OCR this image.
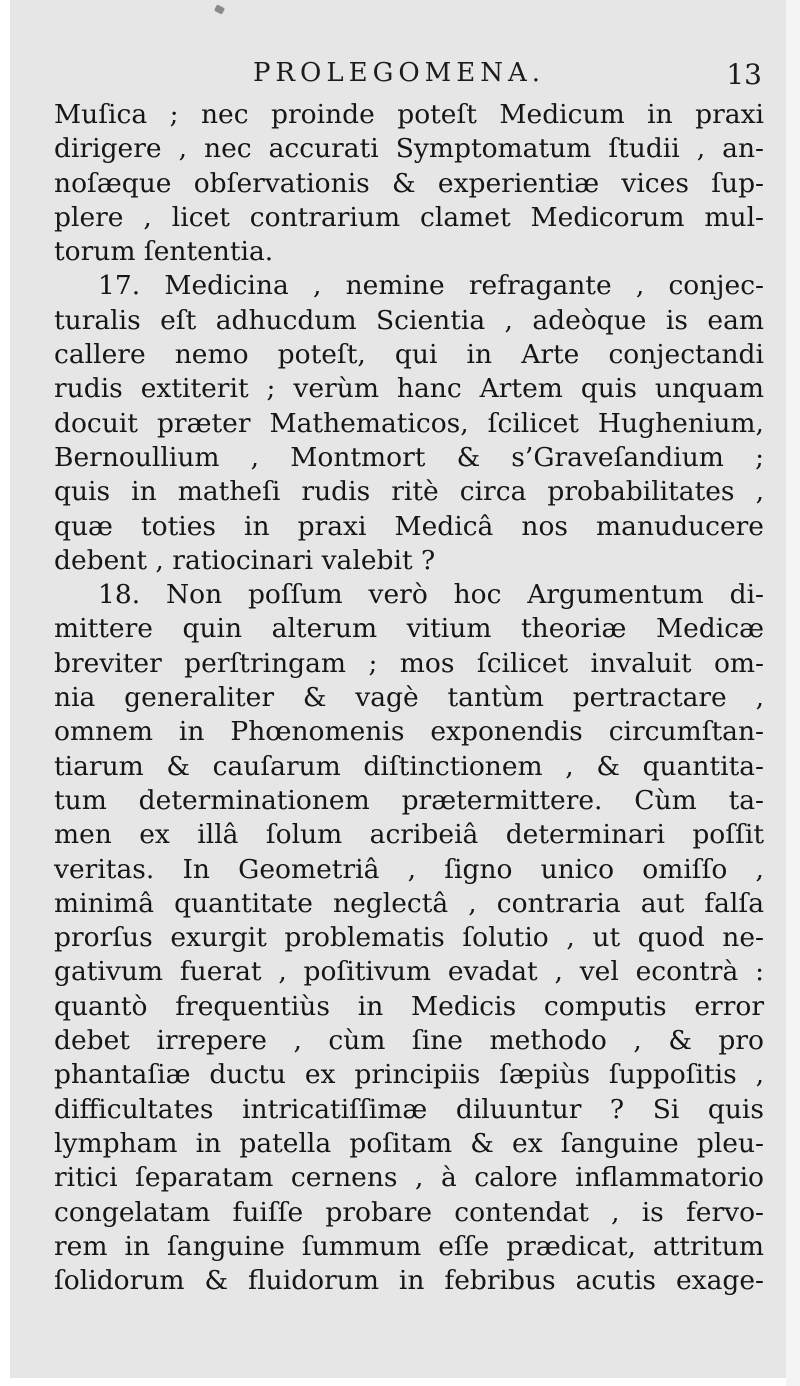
PROLEGOMENA.	13
Muſica ; nec proinde poteſt Medicum in praxi
dirigere , nec accurati Symptomatum ſtudii , an-
noſæque obſervationis & experientiæ vices ſup-
plere , licet contrarium clamet Medicorum mul-
torum ſententia.
17. Medicina , nemine refragante , conjec-
turalis eſt adhucdum Scientia , adeòque is eam
callere nemo poteſt, qui in Arte conjectandi
rudis extiterit ; verùm hanc Artem quis unquam
docuit præter Mathematicos, ſcilicet Hughenium,
Bernoullium , Montmort & s’Graveſandium ;
quis in matheſi rudis ritè circa probabilitates ,
quæ toties in praxi Medicâ nos manuducere
debent , ratiocinari valebit ?
18. Non poſſum verò hoc Argumentum di-
mittere quin alterum vitium theoriæ Medicæ
breviter perſtringam ; mos ſcilicet invaluit om-
nia generaliter & vagè tantùm pertractare ,
omnem in Phœnomenis exponendis circumſtan-
tiarum & cauſarum diſtinctionem , & quantita-
tum determinationem prætermittere. Cùm ta-
men ex illâ ſolum acribeiâ determinari poſſit
veritas. In Geometriâ , ſigno unico omiſſo ,
minimâ quantitate neglectâ , contraria aut falſa
prorſus exurgit problematis ſolutio , ut quod ne-
gativum fuerat , poſitivum evadat , vel econtrà :
quantò frequentiùs in Medicis computis error
debet irrepere , cùm ſine methodo , & pro
phantaſiæ ductu ex principiis ſæpiùs ſuppoſitis ,
difficultates intricatiſſimæ diluuntur ? Si quis
lympham in patella poſitam & ex ſanguine pleu-
ritici ſeparatam cernens , à calore inflammatorio
congelatam fuiſſe probare contendat , is fervo-
rem in ſanguine ſummum eſſe prædicat, attritum
ſolidorum & fluidorum in febribus acutis exage-
